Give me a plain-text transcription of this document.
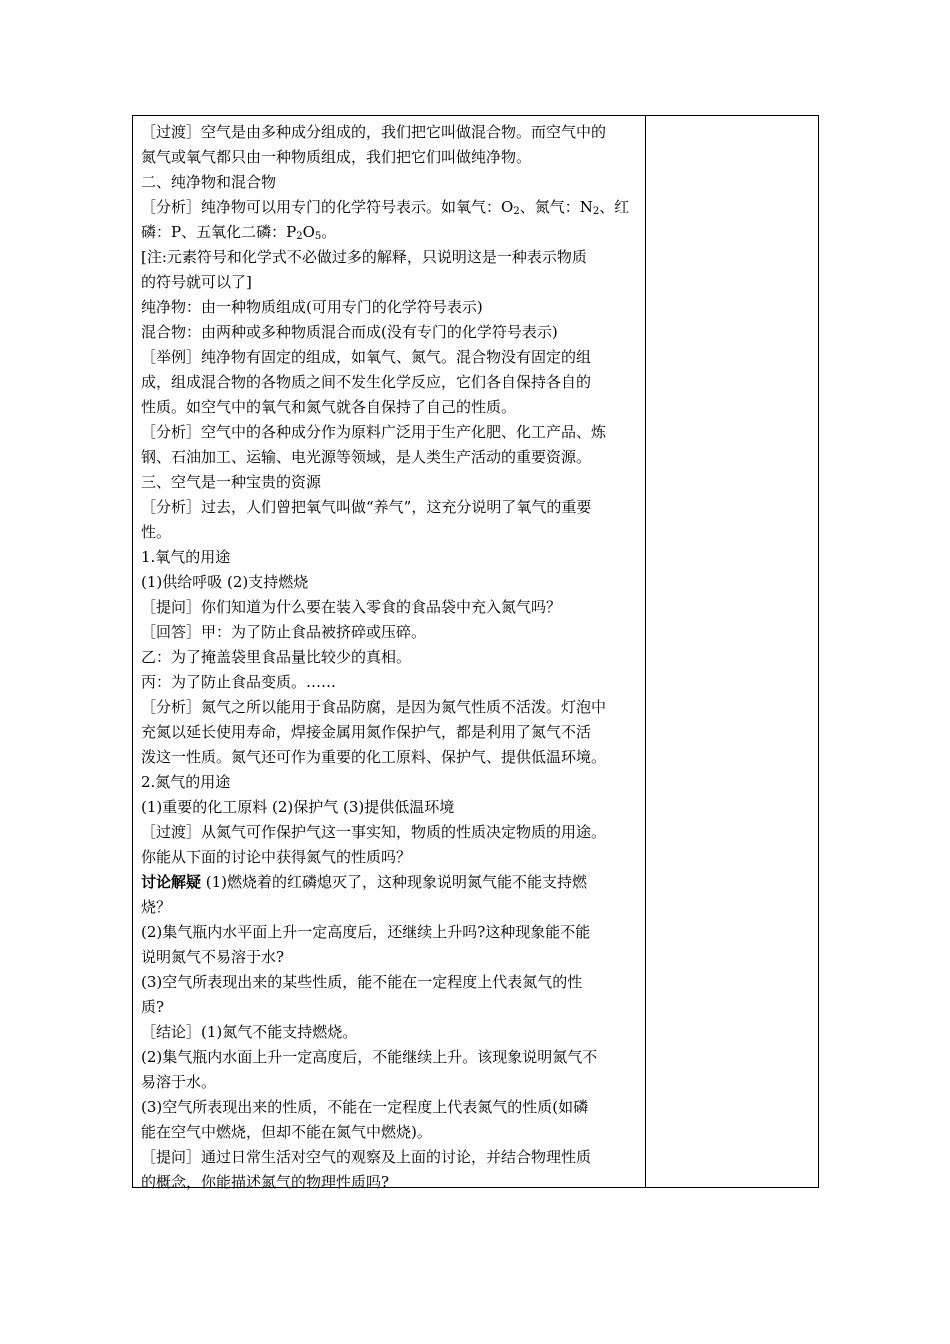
［过渡］空气是由多种成分组成的，我们把它叫做混合物。而空气中的
氮气或氧气都只由一种物质组成，我们把它们叫做纯净物。
二、纯净物和混合物
［分析］纯净物可以用专门的化学符号表示。如氧气：$O_2$、氮气：$N_2$、红
磷：P、五氧化二磷：$P_2O_5$。
[注:元素符号和化学式不必做过多的解释，只说明这是一种表示物质
的符号就可以了]
纯净物：由一种物质组成(可用专门的化学符号表示)
混合物：由两种或多种物质混合而成(没有专门的化学符号表示)
［举例］纯净物有固定的组成，如氧气、氮气。混合物没有固定的组
成，组成混合物的各物质之间不发生化学反应，它们各自保持各自的
性质。如空气中的氧气和氮气就各自保持了自己的性质。
［分析］空气中的各种成分作为原料广泛用于生产化肥、化工产品、炼
钢、石油加工、运输、电光源等领域，是人类生产活动的重要资源。
三、空气是一种宝贵的资源
［分析］过去，人们曾把氧气叫做“养气”，这充分说明了氧气的重要
性。
1.氧气的用途
(1)供给呼吸 (2)支持燃烧
［提问］你们知道为什么要在装入零食的食品袋中充入氮气吗？
［回答］甲：为了防止食品被挤碎或压碎。
乙：为了掩盖袋里食品量比较少的真相。
丙：为了防止食品变质。……
［分析］氮气之所以能用于食品防腐，是因为氮气性质不活泼。灯泡中
充氮以延长使用寿命，焊接金属用氮作保护气，都是利用了氮气不活
泼这一性质。氮气还可作为重要的化工原料、保护气、提供低温环境。
2.氮气的用途
(1)重要的化工原料 (2)保护气 (3)提供低温环境
［过渡］从氮气可作保护气这一事实知，物质的性质决定物质的用途。
你能从下面的讨论中获得氮气的性质吗？
讨论解疑 (1)燃烧着的红磷熄灭了，这种现象说明氮气能不能支持燃
烧？
(2)集气瓶内水平面上升一定高度后，还继续上升吗?这种现象能不能
说明氮气不易溶于水?
(3)空气所表现出来的某些性质，能不能在一定程度上代表氮气的性
质?
［结论］(1)氮气不能支持燃烧。
(2)集气瓶内水面上升一定高度后，不能继续上升。该现象说明氮气不
易溶于水。
(3)空气所表现出来的性质，不能在一定程度上代表氮气的性质(如磷
能在空气中燃烧，但却不能在氮气中燃烧)。
［提问］通过日常生活对空气的观察及上面的讨论，并结合物理性质
的概念，你能描述氮气的物理性质吗?
